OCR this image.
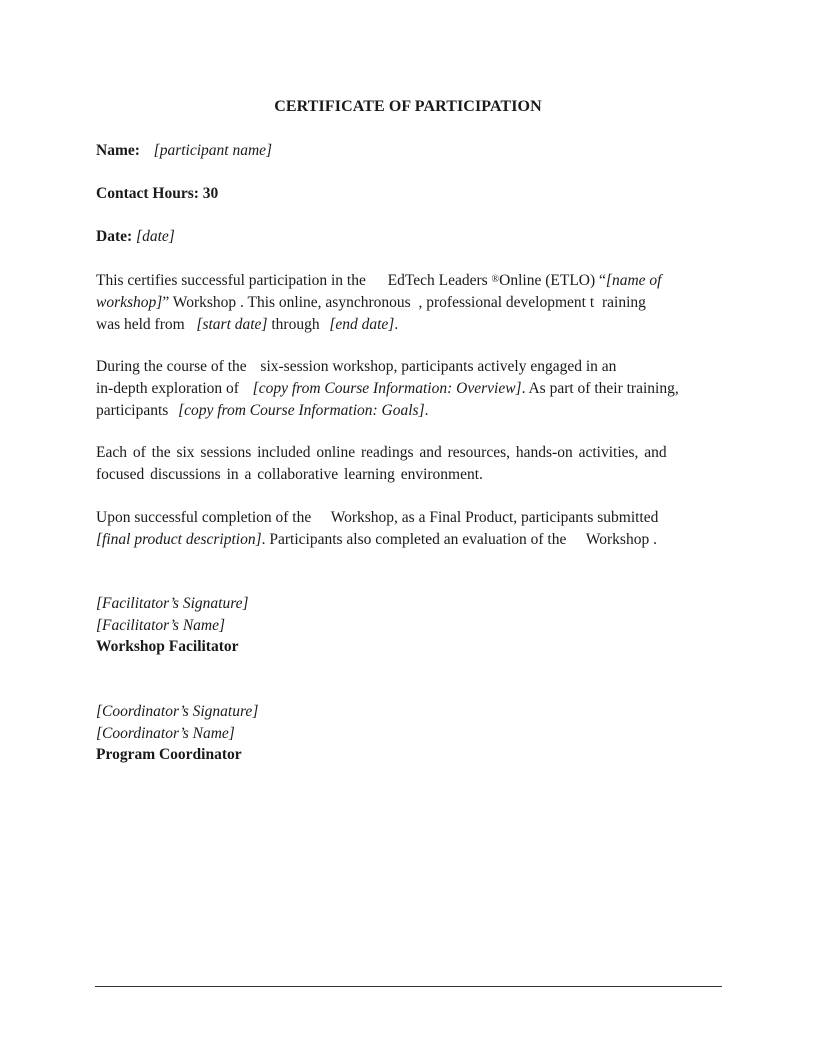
CERTIFICATE OF PARTICIPATION
Name: [participant name]
Contact Hours: 30
Date: [date]
This certifies successful participation in the EdTech Leaders ®Online (ETLO) “[name of
workshop]” Workshop . This online, asynchronous , professional development t raining
was held from [start date] through [end date].
During the course of the six-session workshop, participants actively engaged in an
in-depth exploration of [copy from Course Information: Overview]. As part of their training,
participants [copy from Course Information: Goals].
Each of the six sessions included online readings and resources, hands-on activities, and
focused discussions in a collaborative learning environment.
Upon successful completion of the Workshop, as a Final Product, participants submitted
[final product description]. Participants also completed an evaluation of the Workshop .
[Facilitator’s Signature]
[Facilitator’s Name]
Workshop Facilitator
[Coordinator’s Signature]
[Coordinator’s Name]
Program Coordinator
